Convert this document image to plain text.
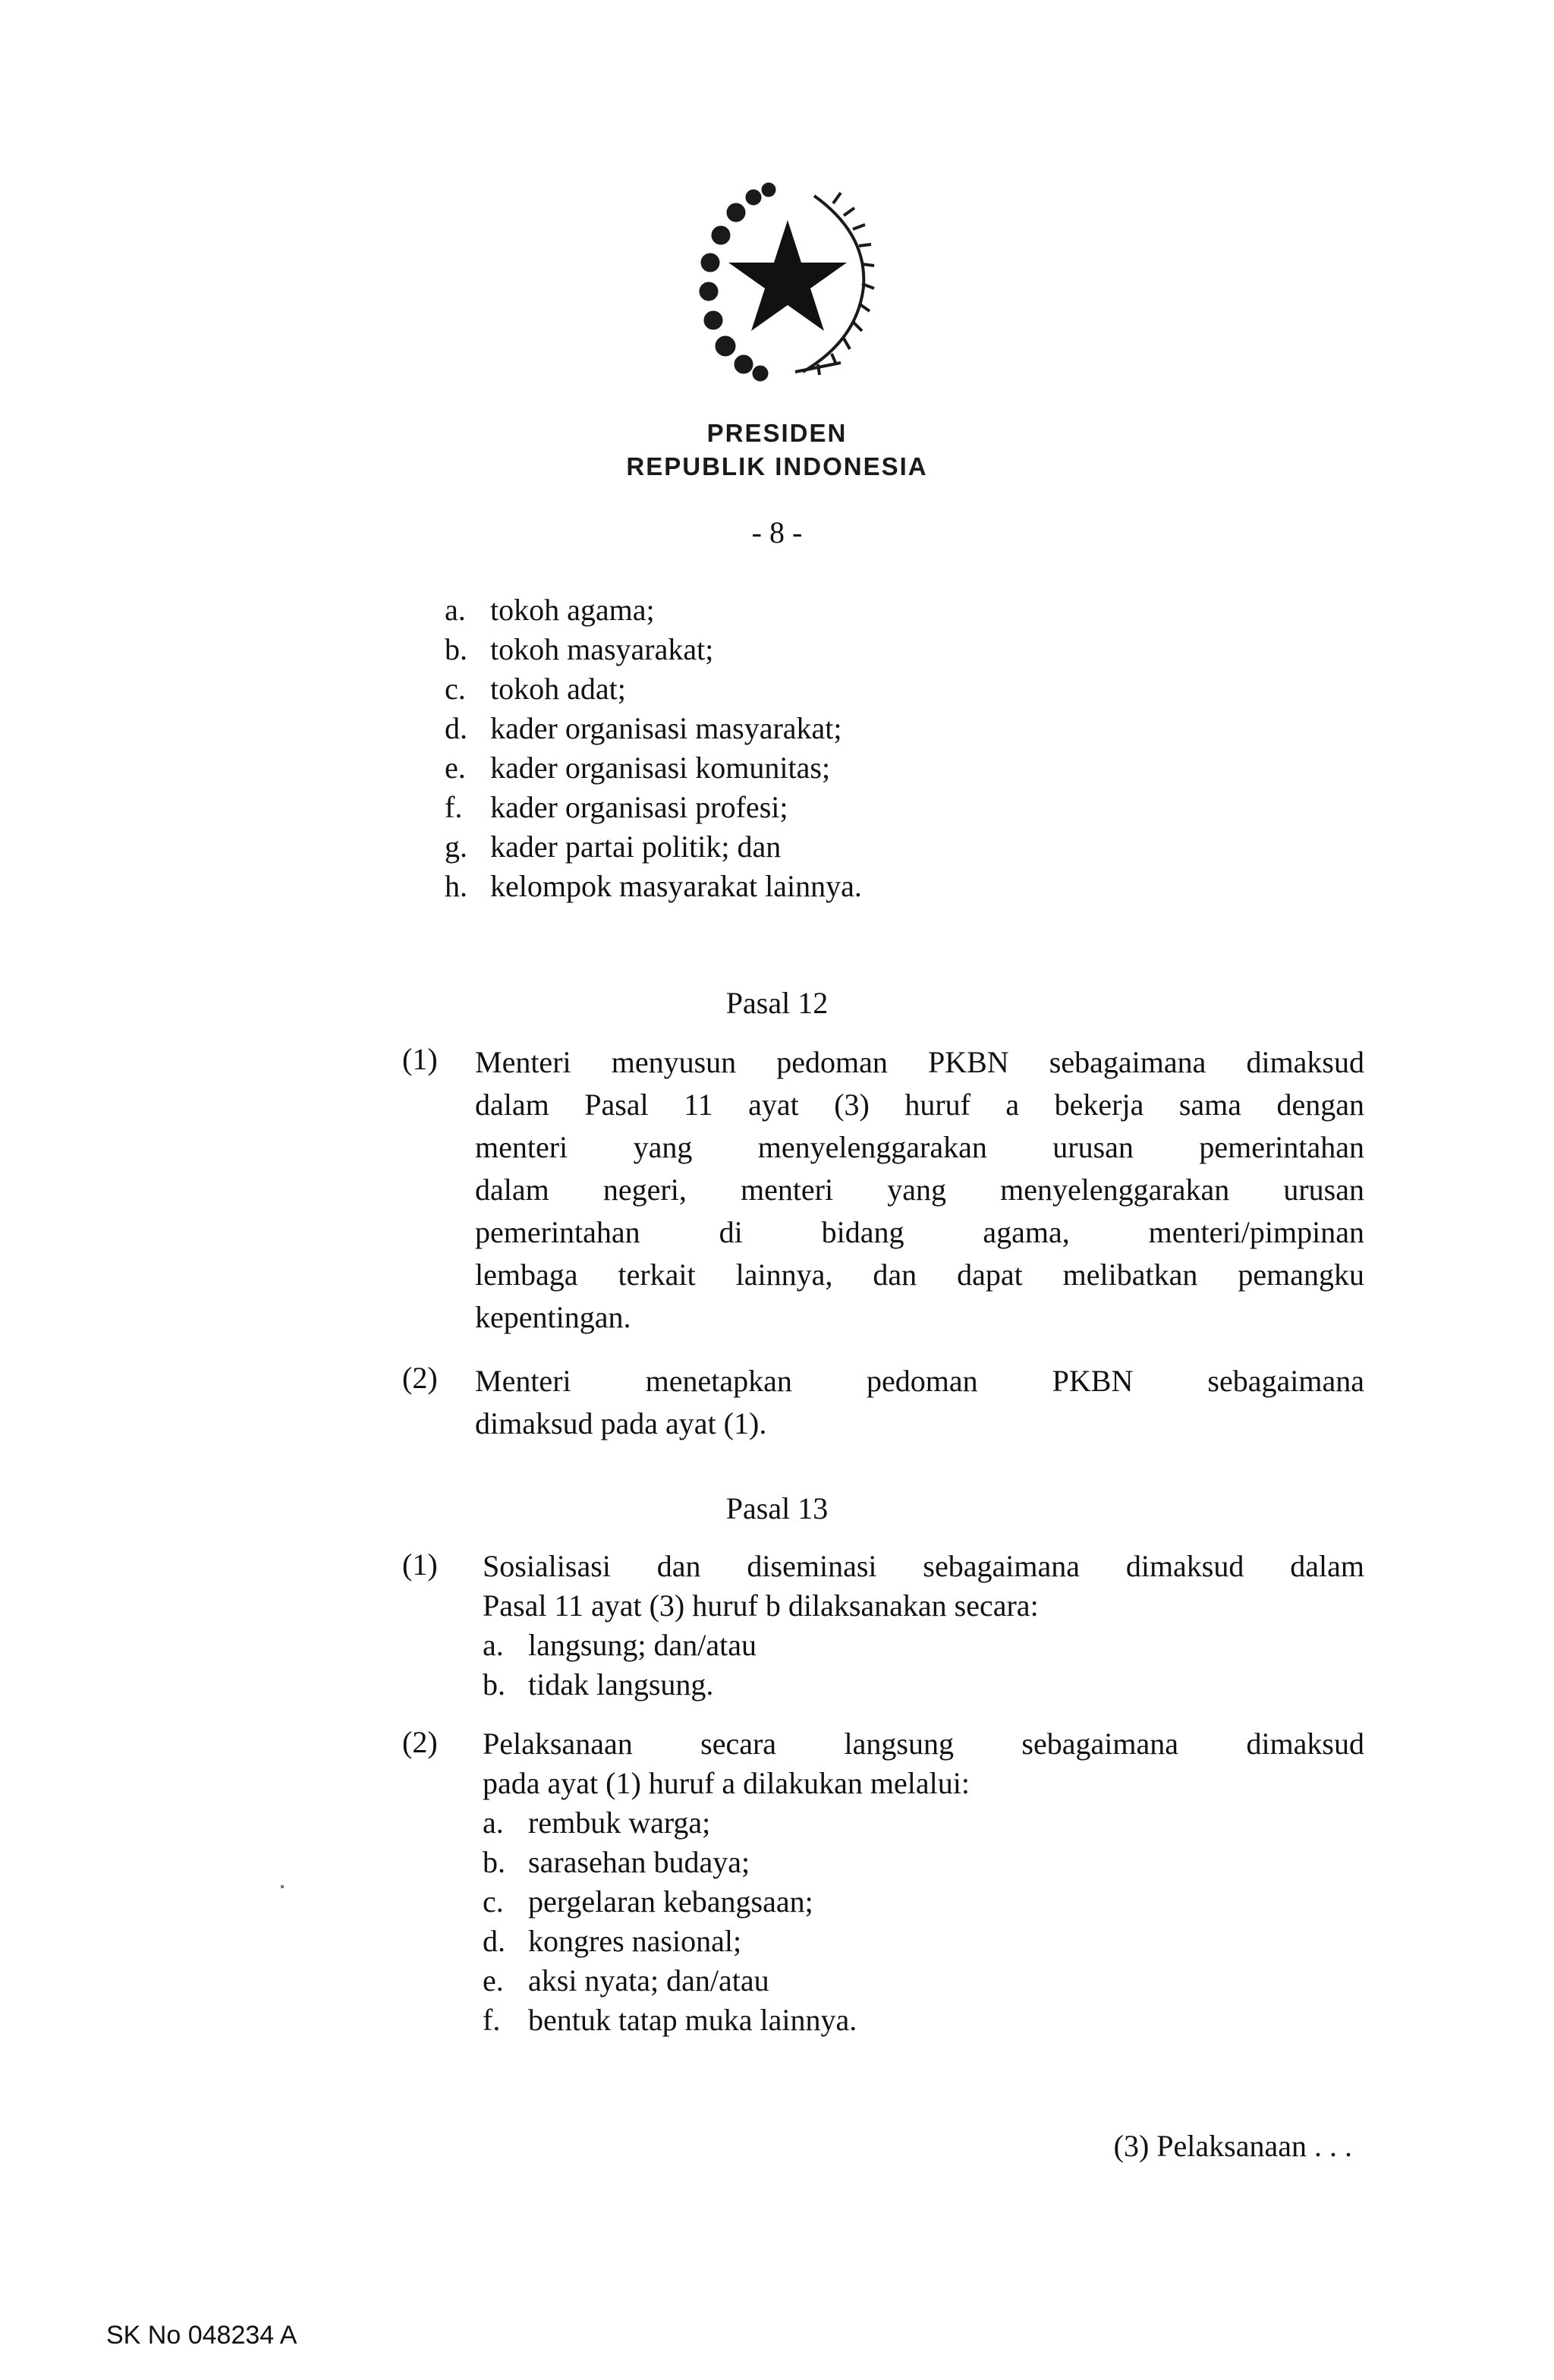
PRESIDEN
REPUBLIK INDONESIA
- 8 -
a. tokoh agama;
b. tokoh masyarakat;
c. tokoh adat;
d. kader organisasi masyarakat;
e. kader organisasi komunitas;
f. kader organisasi profesi;
g. kader partai politik; dan
h. kelompok masyarakat lainnya.
Pasal 12
(1) Menteri menyusun pedoman PKBN sebagaimana dimaksud
dalam Pasal 11 ayat (3) huruf a bekerja sama dengan
menteri yang menyelenggarakan urusan pemerintahan
dalam negeri, menteri yang menyelenggarakan urusan
pemerintahan di bidang agama, menteri/pimpinan
lembaga terkait lainnya, dan dapat melibatkan pemangku
kepentingan.
(2) Menteri menetapkan pedoman PKBN sebagaimana
dimaksud pada ayat (1).
Pasal 13
(1) Sosialisasi dan diseminasi sebagaimana dimaksud dalam
Pasal 11 ayat (3) huruf b dilaksanakan secara:
a. langsung; dan/atau
b. tidak langsung.
(2) Pelaksanaan secara langsung sebagaimana dimaksud
pada ayat (1) huruf a dilakukan melalui:
a. rembuk warga;
b. sarasehan budaya;
c. pergelaran kebangsaan;
d. kongres nasional;
e. aksi nyata; dan/atau
f. bentuk tatap muka lainnya.
(3) Pelaksanaan . . .
SK No 048234 A
